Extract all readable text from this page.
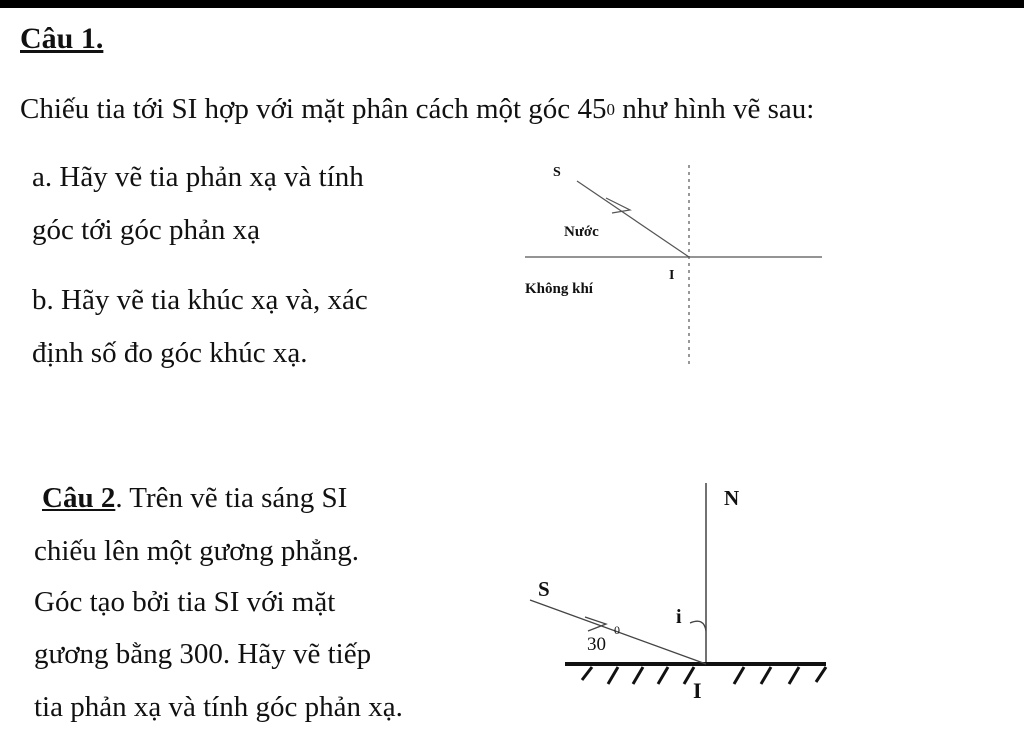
Câu 1.
Chiếu tia tới SI hợp với mặt phân cách một góc $45^0$ như hình vẽ sau:
a. Hãy vẽ tia phản xạ và tính
góc tới góc phản xạ
b. Hãy vẽ tia khúc xạ và, xác
định số đo góc khúc xạ.
Câu 2. Trên vẽ tia sáng SI
chiếu lên một gương phẳng.
Góc tạo bởi tia SI với mặt
gương bằng 300. Hãy vẽ tiếp
tia phản xạ và tính góc phản xạ.
S
Nước
I
Không khí
N
S
i
30
0
I
